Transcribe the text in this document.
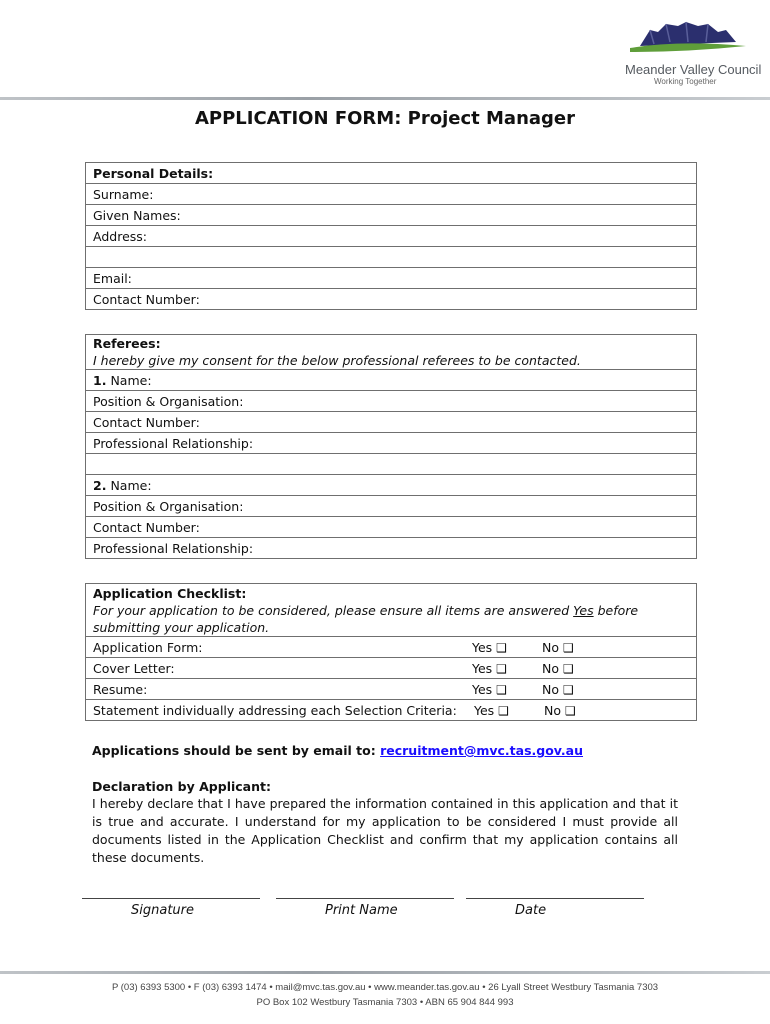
Meander Valley Council
Working Together
APPLICATION FORM: Project Manager
Personal Details:
Surname:
Given Names:
Address:

Email:
Contact Number:
Referees:
I hereby give my consent for the below professional referees to be contacted.

1. Name:
Position & Organisation:
Contact Number:
Professional Relationship:

2. Name:
Position & Organisation:
Contact Number:
Professional Relationship:
Application Checklist:
For your application to be considered, please ensure all items are answered Yes before submitting your application.

Application Form:	Yes ❑	No ❑

Cover Letter:	Yes ❑	No ❑

Resume:	Yes ❑	No ❑

Statement individually addressing each Selection Criteria: Yes ❑	No ❑
Applications should be sent by email to: recruitment@mvc.tas.gov.au
Declaration by Applicant:
I hereby declare that I have prepared the information contained in this application and that it is true and accurate. I understand for my application to be considered I must provide all documents listed in the Application Checklist and confirm that my application contains all these documents.
Signature	Print Name	Date
P (03) 6393 5300 • F (03) 6393 1474 • mail@mvc.tas.gov.au • www.meander.tas.gov.au • 26 Lyall Street Westbury Tasmania 7303
PO Box 102 Westbury Tasmania 7303 • ABN 65 904 844 993
